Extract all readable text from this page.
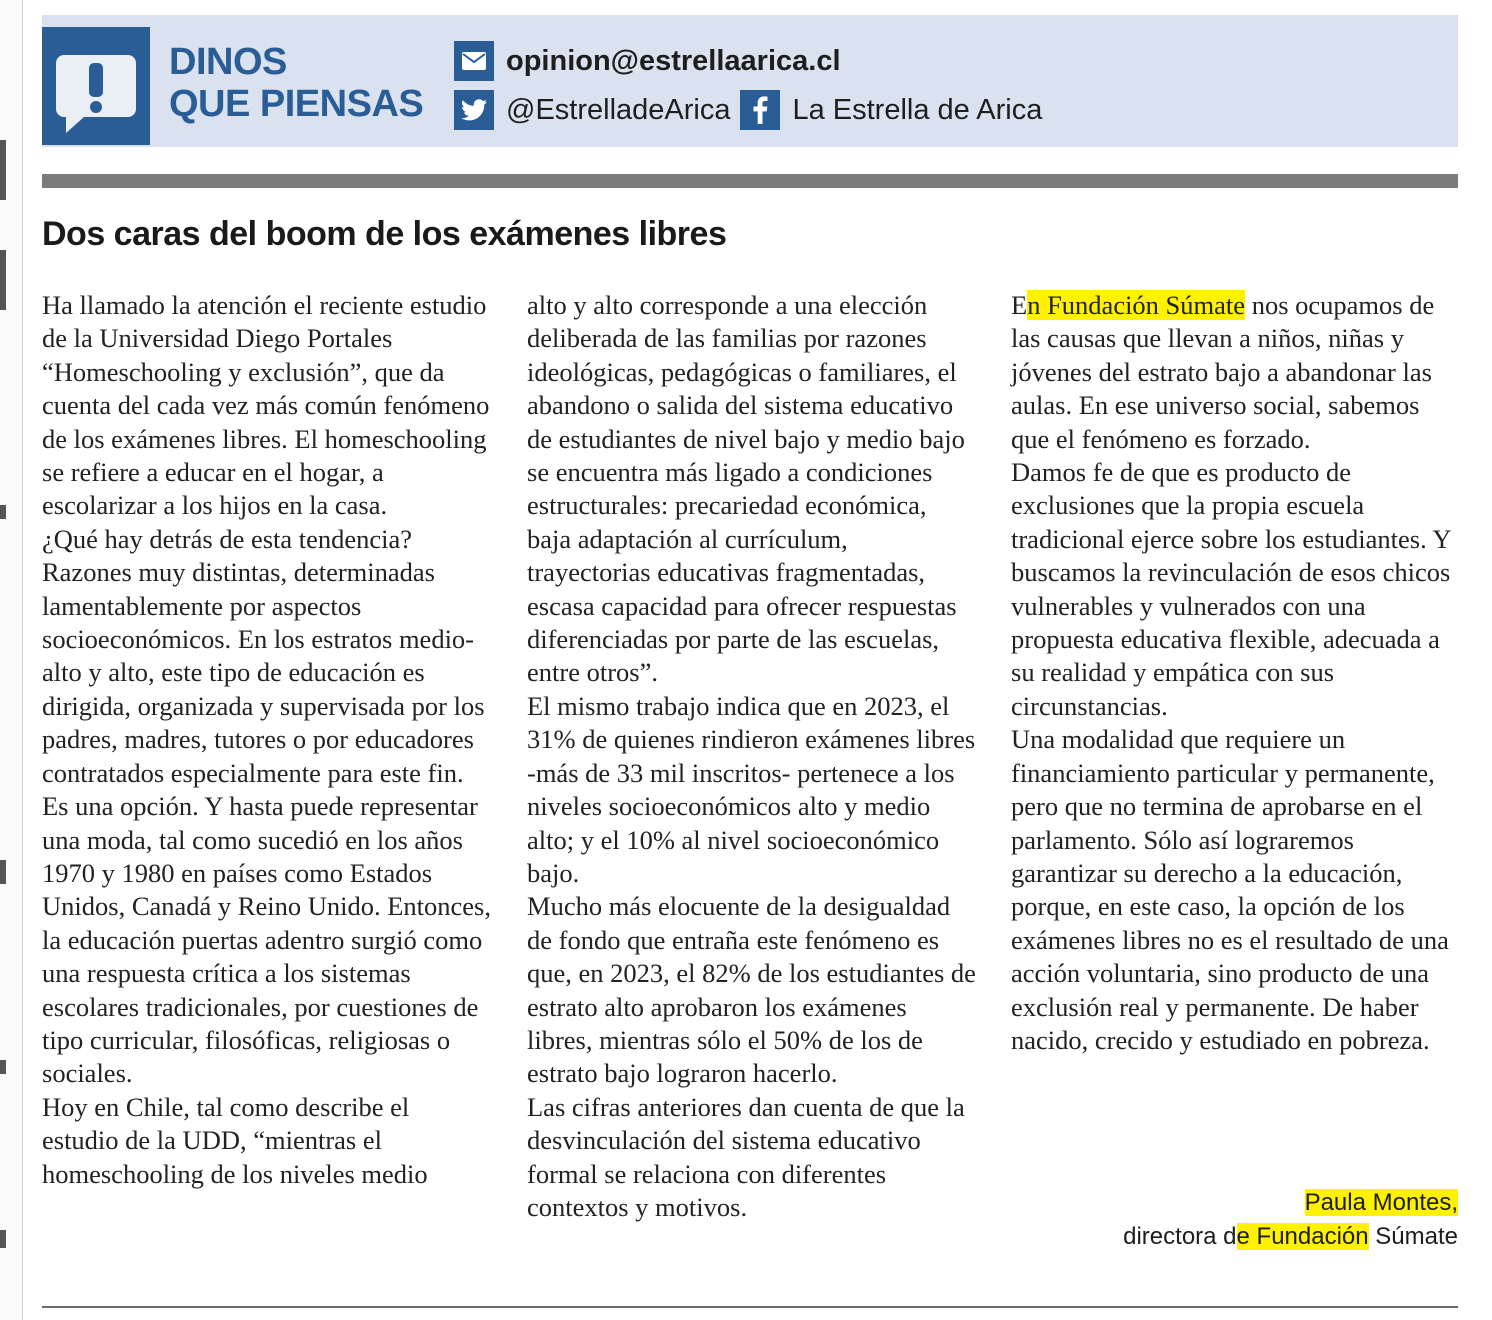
DINOS
QUE PIENSAS
opinion@estrellaarica.cl
@EstrelladeArica La Estrella de Arica
Dos caras del boom de los exámenes libres

Ha llamado la atención el reciente estudio de la Universidad Diego Portales “Homeschooling y exclusión”, que da cuenta del cada vez más común fenómeno de los exámenes libres. El homeschooling se refiere a educar en el hogar, a escolarizar a los hijos en la casa.

¿Qué hay detrás de esta tendencia? Razones muy distintas, determinadas lamentablemente por aspectos socioeconómicos. En los estratos medio-alto y alto, este tipo de educación es dirigida, organizada y supervisada por los padres, madres, tutores o por educadores contratados especialmente para este fin. Es una opción. Y hasta puede representar una moda, tal como sucedió en los años 1970 y 1980 en países como Estados Unidos, Canadá y Reino Unido. Entonces, la educación puertas adentro surgió como una respuesta crítica a los sistemas escolares tradicionales, por cuestiones de tipo curricular, filosóficas, religiosas o sociales.

Hoy en Chile, tal como describe el estudio de la UDD, “mientras el homeschooling de los niveles medio

alto y alto corresponde a una elección deliberada de las familias por razones ideológicas, pedagógicas o familiares, el abandono o salida del sistema educativo de estudiantes de nivel bajo y medio bajo se encuentra más ligado a condiciones estructurales: precariedad económica, baja adaptación al currículum, trayectorias educativas fragmentadas, escasa capacidad para ofrecer respuestas diferenciadas por parte de las escuelas, entre otros”.

El mismo trabajo indica que en 2023, el 31% de quienes rindieron exámenes libres -más de 33 mil inscritos- pertenece a los niveles socioeconómicos alto y medio alto; y el 10% al nivel socioeconómico bajo.

Mucho más elocuente de la desigualdad de fondo que entraña este fenómeno es que, en 2023, el 82% de los estudiantes de estrato alto aprobaron los exámenes libres, mientras sólo el 50% de los de estrato bajo lograron hacerlo.

Las cifras anteriores dan cuenta de que la desvinculación del sistema educativo formal se relaciona con diferentes contextos y motivos.

En Fundación Súmate nos ocupamos de las causas que llevan a niños, niñas y jóvenes del estrato bajo a abandonar las aulas. En ese universo social, sabemos que el fenómeno es forzado.

Damos fe de que es producto de exclusiones que la propia escuela tradicional ejerce sobre los estudiantes. Y buscamos la revinculación de esos chicos vulnerables y vulnerados con una propuesta educativa flexible, adecuada a su realidad y empática con sus circunstancias.

Una modalidad que requiere un financiamiento particular y permanente, pero que no termina de aprobarse en el parlamento. Sólo así lograremos garantizar su derecho a la educación, porque, en este caso, la opción de los exámenes libres no es el resultado de una acción voluntaria, sino producto de una exclusión real y permanente. De haber nacido, crecido y estudiado en pobreza.

Paula Montes,
directora de Fundación Súmate
